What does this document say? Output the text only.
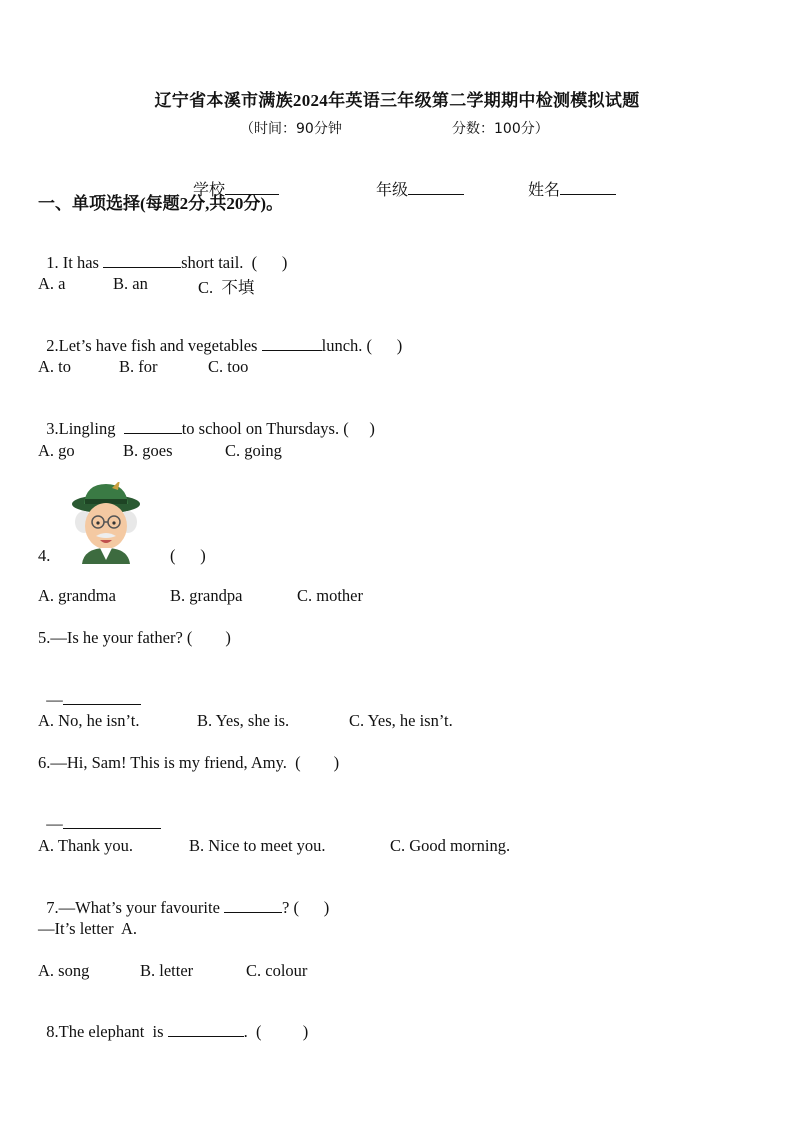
辽宁省本溪市满族2024年英语三年级第二学期期中检测模拟试题
（时间：90分钟	分数：100分）

学校	年级	姓名

一、单项选择(每题2分,共20分)。

1. It has	short tail.  (      )

A. a	B. an	C.  不填

2.Let’s have fish and vegetables	lunch. (      )

A. to	B. for	C. too

3.Lingling	to school on Thursdays. (     )

A. go	B. goes	C. going
4.	(      )
A. grandma	B. grandpa	C. mother
5.—Is he your father? (        )

—

A. No, he isn’t.	B. Yes, she is.	C. Yes, he isn’t.
6.—Hi, Sam! This is my friend, Amy.  (        )

—

A. Thank you.	B. Nice to meet you.	C. Good morning.

7.—What’s your favourite	? (      )

—It’s letter  A.
A. song	B. letter	C. colour

8.The elephant  is	.  (          )
